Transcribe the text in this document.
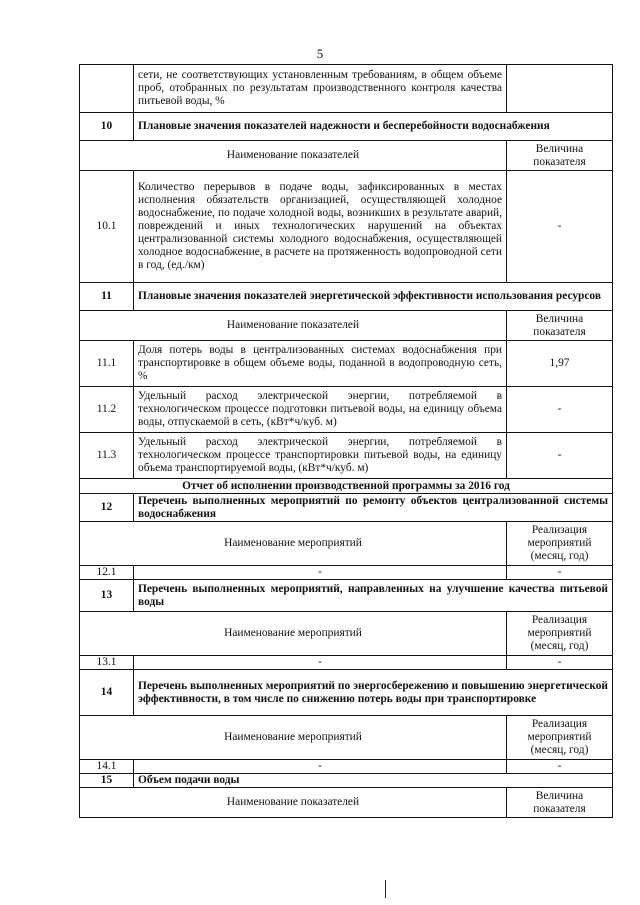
5
	сети, не соответствующих установленным требованиям, в общем объеме проб, отобранных по результатам производственного контроля качества питьевой воды, %	
10	Плановые значения показателей надежности и бесперебойности водоснабжения	
Наименование показателей		Величина показателя
10.1	Количество перерывов в подаче воды, зафиксированных в местах исполнения обязательств организацией, осуществляющей холодное водоснабжение, по подаче холодной воды, возникших в результате аварий, повреждений и иных технологических нарушений на объектах централизованной системы холодного водоснабжения, осуществляющей холодное водоснабжение, в расчете на протяженность водопроводной сети в год, (ед./км)	-
11	Плановые значения показателей энергетической эффективности использования ресурсов	
Наименование показателей		Величина показателя
11.1	Доля потерь воды в централизованных системах водоснабжения при транспортировке в общем объеме воды, поданной в водопроводную сеть, %	1,97
11.2	Удельный расход электрической энергии, потребляемой в технологическом процессе подготовки питьевой воды, на единицу объема воды, отпускаемой в сеть, (кВт*ч/куб. м)	-
11.3	Удельный расход электрической энергии, потребляемой в технологическом процессе транспортировки питьевой воды, на единицу объема транспортируемой воды, (кВт*ч/куб. м)	-
Отчет об исполнении производственной программы за 2016 год		
12	Перечень выполненных мероприятий по ремонту объектов централизованной системы водоснабжения	
Наименование мероприятий		Реализация мероприятий (месяц, год)
12.1	-	-
13	Перечень выполненных мероприятий, направленных на улучшение качества питьевой воды	
Наименование мероприятий		Реализация мероприятий (месяц, год)
13.1	-	-
14	Перечень выполненных мероприятий по энергосбережению и повышению энергетической эффективности, в том числе по снижению потерь воды при транспортировке	
Наименование мероприятий		Реализация мероприятий (месяц, год)
14.1	-	-
15	Объем подачи воды	
Наименование показателей		Величина показателя
